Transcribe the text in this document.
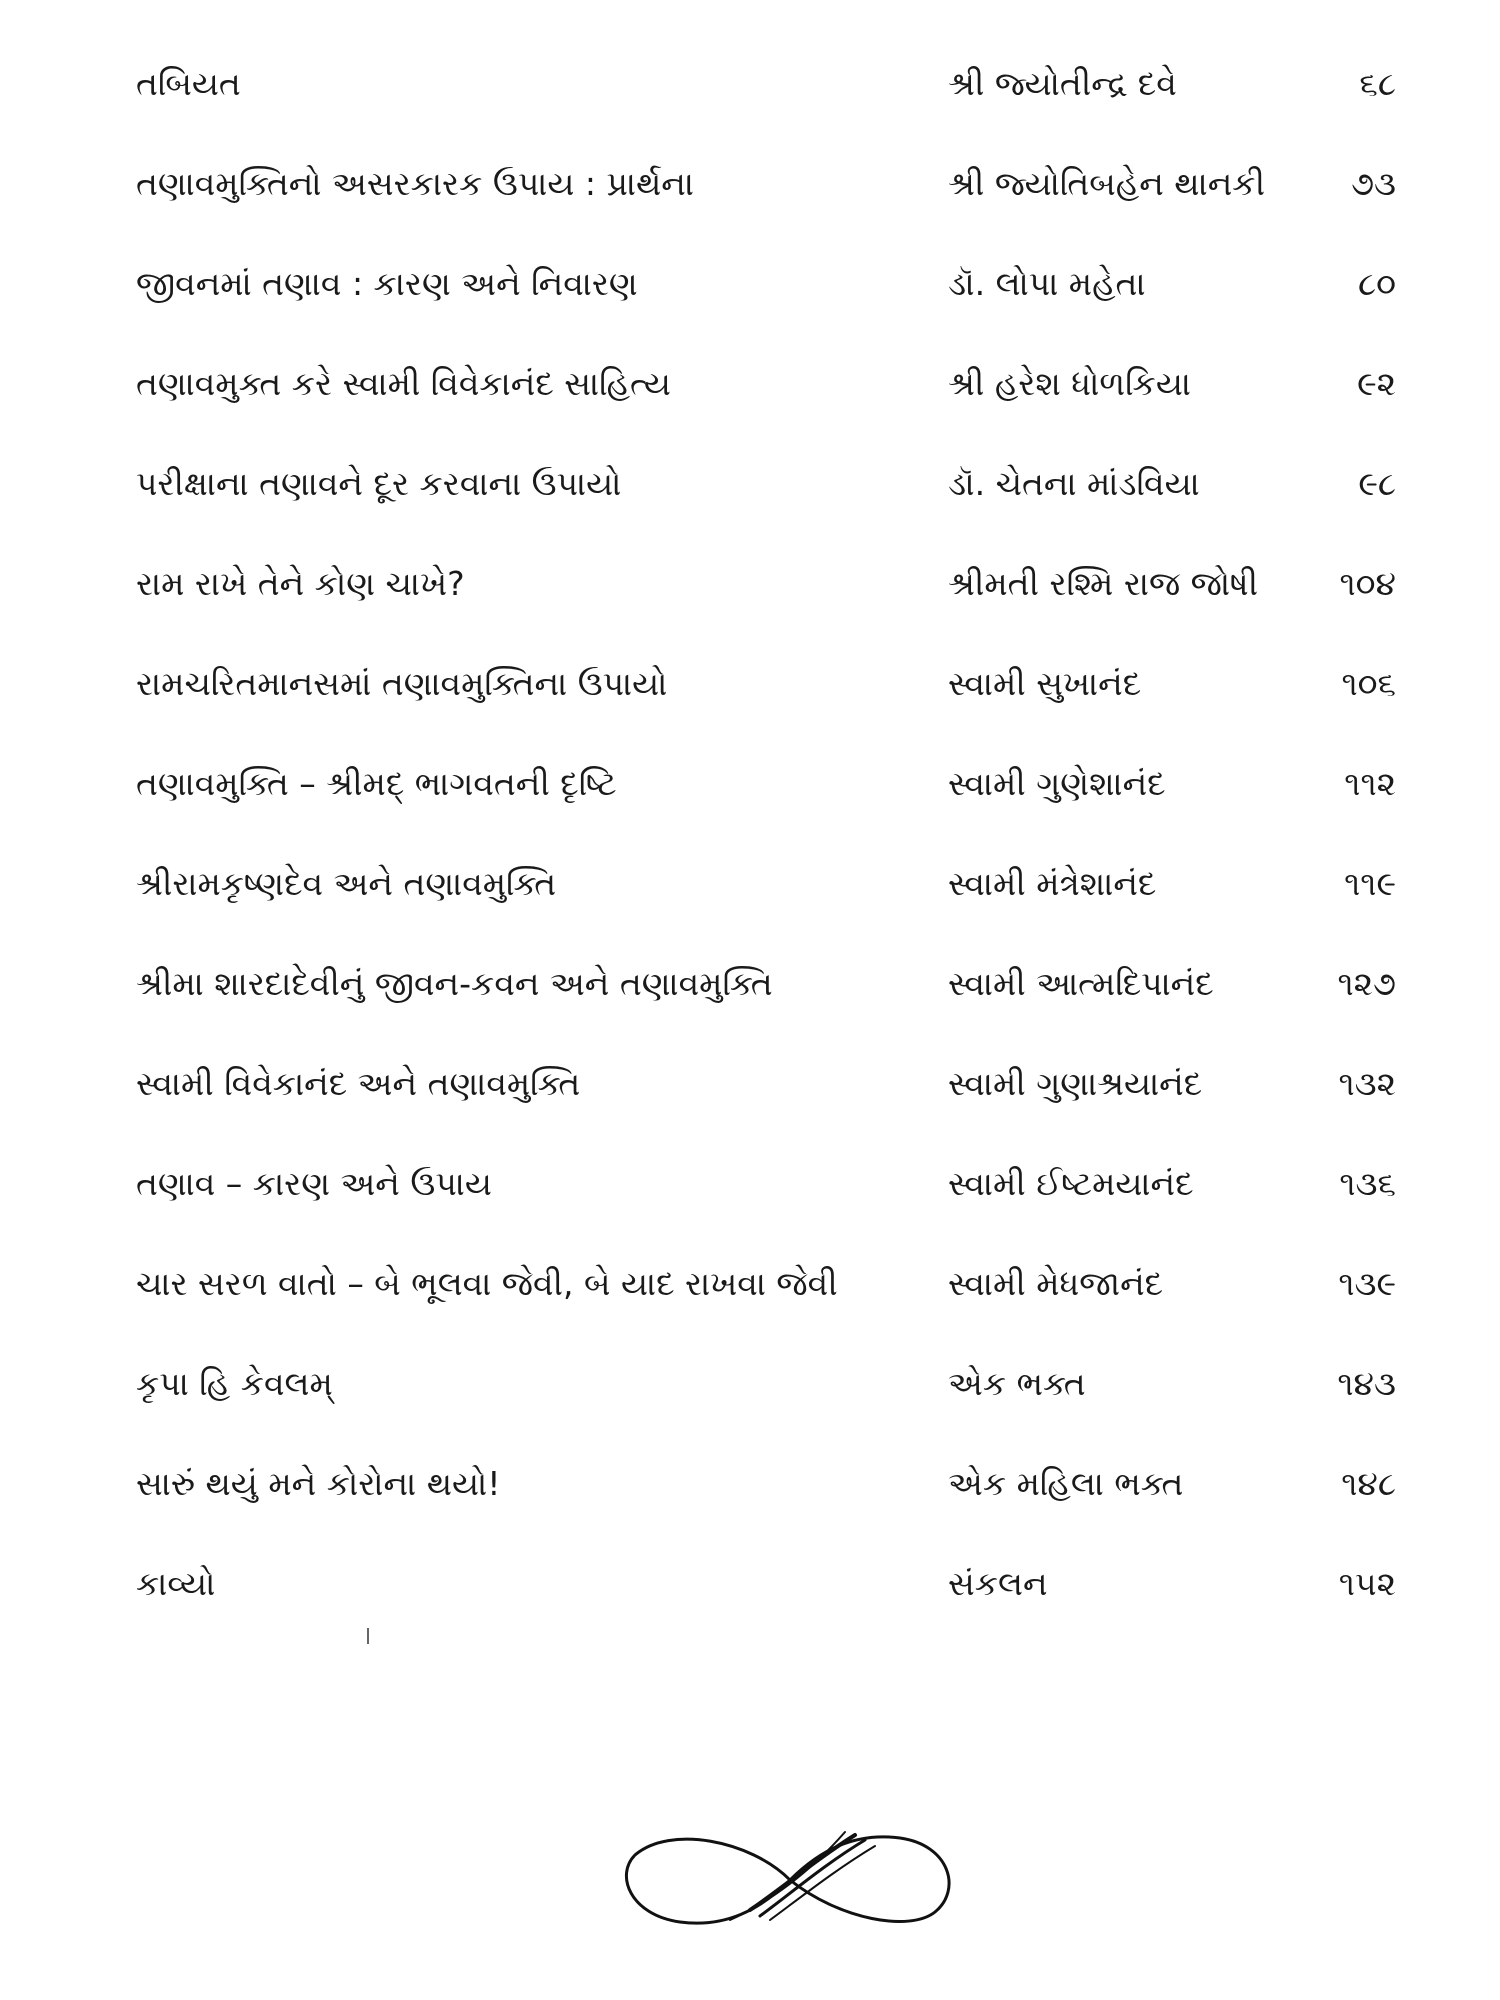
તબિયત	શ્રી જ્યોતીન્દ્ર દવે	૬૮
તણાવમુક્તિનો અસરકારક ઉપાય : પ્રાર્થના	શ્રી જ્યોતિબહેન થાનકી	૭૩
જીવનમાં તણાવ : કારણ અને નિવારણ	ડૉ. લોપા મહેતા	૮૦
તણાવમુક્ત કરે સ્વામી વિવેકાનંદ સાહિત્ય	શ્રી હરેશ ધોળકિયા	૯૨
પરીક્ષાના તણાવને દૂર કરવાના ઉપાયો	ડૉ. ચેતના માંડવિયા	૯૮
રામ રાખે તેને કોણ ચાખે?	શ્રીમતી રશ્મિ રાજ જોષી ૧૦૪
રામચરિતમાનસમાં તણાવમુક્તિના ઉપાયો	સ્વામી સુખાનંદ	૧૦૬
તણાવમુક્તિ – શ્રીમદ્ ભાગવતની દૃષ્ટિ	સ્વામી ગુણેશાનંદ	૧૧૨
શ્રીરામકૃષ્ણદેવ અને તણાવમુક્તિ	સ્વામી મંત્રેશાનંદ	૧૧૯
શ્રીમા શારદાદેવીનું જીવન-કવન અને તણાવમુક્તિ	સ્વામી આત્મદિપાનંદ	૧૨૭
સ્વામી વિવેકાનંદ અને તણાવમુક્તિ	સ્વામી ગુણાશ્રયાનંદ	૧૩૨
તણાવ – કારણ અને ઉપાય	સ્વામી ઈષ્ટમયાનંદ	૧૩૬
ચાર સરળ વાતો – બે ભૂલવા જેવી, બે યાદ રાખવા જેવી	સ્વામી મેધજાનંદ	૧૩૯
કૃપા હિ કેવલમ્	એક ભક્ત	૧૪૩
સારું થયું મને કોરોના થયો!	એક મહિલા ભક્ત	૧૪૮
કાવ્યો	સંકલન	૧૫૨
